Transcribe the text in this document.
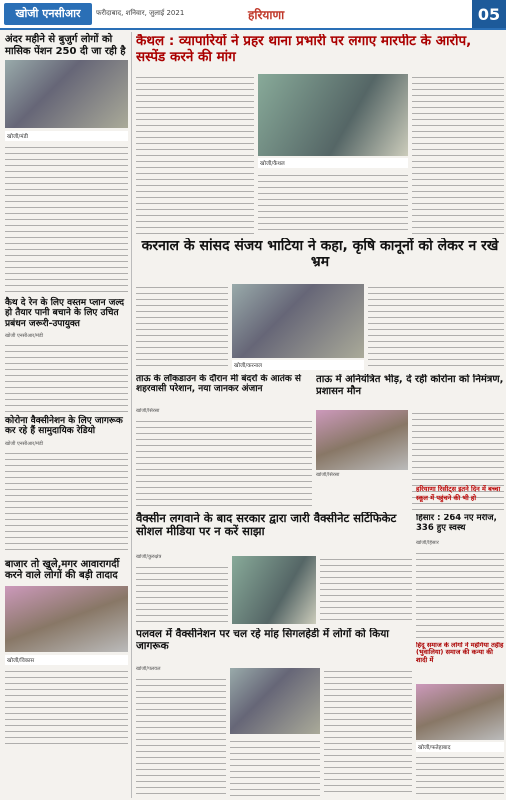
खोजी एनसीआर	फरीदाबाद, शनिवार, जुलाई 2021	हरियाणा	05
अंदर महीने से बुजुर्ग लोगों को मासिक पेंशन 250 दी जा रही है
खोजी/मंडी
कैथ दे रेन के लिए वस्तम प्लान जल्द हो तैयार पानी बचाने के लिए उचित प्रबंधन जरूरी-उपायुक्त
खोजी एनसीआर/मंडी
कोरोना वैक्सीनेशन के लिए जागरूक कर रहे हैं सामुदायिक रेडियो
खोजी एनसीआर/मंडी
बाजार तो खुले,मगर आवारागर्दी करने वाले लोगों की बड़ी तादाद
खोजी/विकास
कैथल : व्यापारियों ने प्रहर थाना प्रभारी पर लगाए मारपीट के आरोप, सस्पेंड करने की मांग
खोजी/कैथल
करनाल के सांसद संजय भाटिया ने कहा, कृषि कानूनों को लेकर न रखे भ्रम
खोजी/करनाल
ताऊ के लॉकडाउन के दौरान मी बंदरों के आतंक से शहरवासी परेशान, नया जानकर अंजान
खोजी/सिरसा
ताऊ में अनियंत्रित भीड़, दे रही कोरोना को निमंत्रण, प्रशासन मौन
खोजी/सिरसा
वैक्सीन लगवाने के बाद सरकार द्वारा जारी वैक्सीनेट सर्टिफिकेट सोशल मीडिया पर न करें साझा
खोजी/कुरुक्षेत्र
हरियाणा रिसीट्स इतने दिन में बच्चा स्कूल में पहुंचने की भी हो
हिसार : 264 नए मरीज, 336 हुए स्वस्थ
खोजी/हिसार
पलवल में वैक्सीनेशन पर चल रहे मांह सिगलहेडी में लोगों को किया जागरूक
खोजी/पलवल
हिंदू समाज के लोगों ने महंगिया तहीह (भुवालिया) समाज की कन्या की शादी में
खोजी/फतेहाबाद
